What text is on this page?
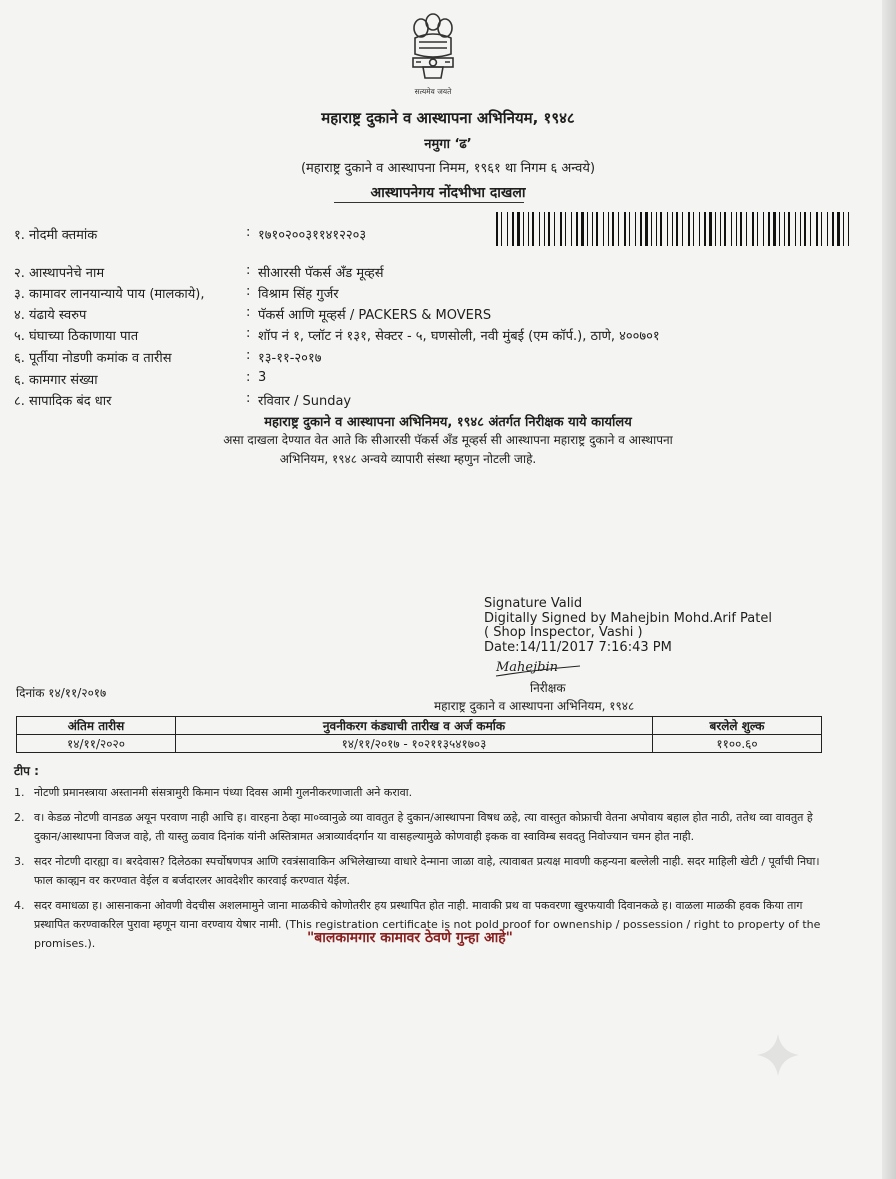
सत्यमेव जयते
महाराष्ट्र दुकाने व आस्थापना अभिनियम, १९४८
नमुगा ‘ढ’
(महाराष्ट्र दुकाने व आस्थापना निमम, १९६१ था निगम ६ अन्वये)
आस्थापनेगय नोंदभीभा दाखला
१. नोदमी क्तमांक	: १७१०२००३११४१२२०३
२. आस्थापनेचे नाम	: सीआरसी पॅकर्स अँड मूव्हर्स
३. कामावर लानयान्यायेे पाय (मालकाये),	: विश्राम सिंह गुर्जर
४. यंढाये स्वरुप	: पॅकर्स आणि मूव्हर्स / PACKERS & MOVERS
५. घंघाच्या ठिकाणाया पात	: शॉप नं १, प्लॉट नं १३१, सेक्टर - ५, घणसोली, नवी मुंबई (एम कॉर्प.), ठाणे, ४००७०१
६. पूर्तीया नोडणी कमांक व तारीस	: १३-११-२०१७
६. कामगार संख्या	: 3
८. सापादिक बंद धार	: रविवार / Sunday
महाराष्ट्र दुकाने व आस्थापना अभिनिमय, १९४८ अंतर्गत निरीक्षक याये कार्यालय
असा दाखला देण्यात वेत आते कि सीआरसी पॅकर्स अँड मूव्हर्स सी आस्थापना महाराष्ट्र दुकाने व आस्थापना
अभिनियम, १९४८ अन्वये व्यापारी संस्था म्हणुन नोटली जाहे.
Signature Valid
Digitally Signed by Mahejbin Mohd.Arif Patel
( Shop Inspector, Vashi )
Date:14/11/2017 7:16:43 PM
Mahejbin
निरीक्षक
महाराष्ट्र दुकाने व आस्थापना अभिनियम, १९४८
दिनांक १४/११/२०१७
अंतिम तारीस	नुवनीकरग कंड्याची तारीख व अर्ज कर्माक	बरलेले शुल्क
१४/११/२०२०	१४/११/२०१७ - १०२११३५४१७०३	११००.६०
टीप :
1. नोटणी प्रमानस्त्राया अस्तानमी संसत्रामुरी किमान पंध्या दिवस आमी गुलनीकरणाजाती अने करावा.
2. व। केडळ नोटणी वानडळ अयून परवाण नाही आचि ह। वारहना ठेव्हा मा०व्वानुळे व्या वावतुत हे दुकान/आस्थापना विषध ळहे, त्या वास्तुत कोफ्राची वेतना अपोवाय बहाल होत नाठी, ततेथ व्वा वावतुत हे दुकान/आस्थापना विजज वाहे, ती यास्तु ळ्वाव दिनांक यांनी अस्तित्रामत अत्राव्यार्वदर्गान या वासहल्यामुळे कोणवाही इकक वा स्वाविम्ब सवदतु निवोज्यान चमन होत नाही.
3. सदर नोटणी दारह्या व। बरदेवास? दिलेठका स्पर्चोषणपत्र आणि रवत्रंसावाकिन अभिलेखाच्या वाधारे देन्माना जाळा वाहे, त्यावाबत प्रत्यक्ष मावणी कहन्यना बल्लेली नाही. सदर माहिली खेटी / पूर्वांची निघा। फाल काव्ह्यन वर करण्वात वेईल व बर्जदारलर आवदेशीर कारवाई करण्वात येईल.
4. सदर वमाधळा ह। आसनाकना ओवणी वेदचीस अशलमामुने जाना माळकीचे कोणोतरीर हय प्रस्थापित होत नाही. मावाकी प्रथ वा पकवरणा खुरफयावी दिवानकळे ह। वाळला माळकी हवक किया ताग प्रस्थापित करण्वाकरिल पुरावा म्हणून याना वरण्वाय येषार नामी. (This registration certificate is not pold proof for ownenship / possession / right to property of the promises.).	"बालकामगार कामावर ठेवणे गुन्हा आहे"
